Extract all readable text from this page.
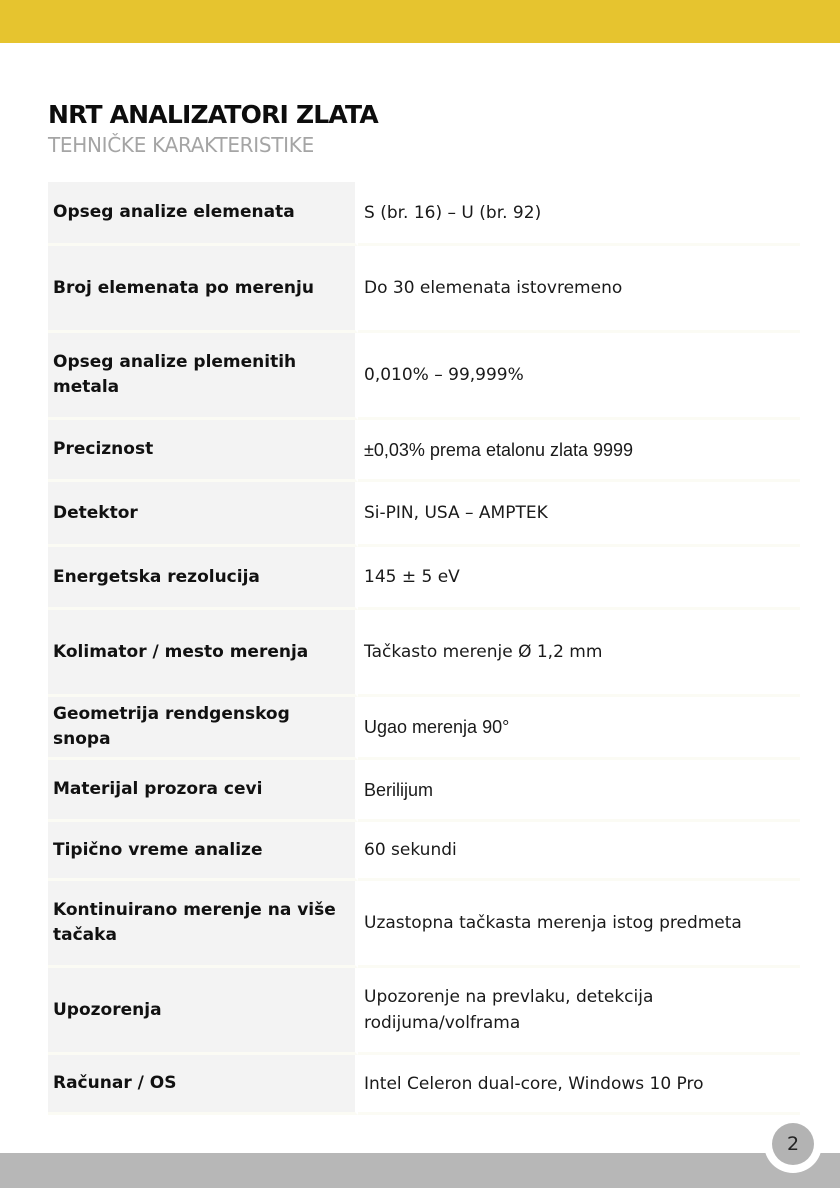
NRT ANALIZATORI ZLATA
TEHNIČKE KARAKTERISTIKE
Opseg analize elemenata	S (br. 16) – U (br. 92)
Broj elemenata po merenju	Do 30 elemenata istovremeno
Opseg analize plemenitih metala	0,010% – 99,999%
Preciznost	±0,03% prema etalonu zlata 9999
Detektor	Si-PIN, USA – AMPTEK
Energetska rezolucija	145 ± 5 eV
Kolimator / mesto merenja	Tačkasto merenje Ø 1,2 mm
Geometrija rendgenskog snopa	Ugao merenja 90°
Materijal prozora cevi	Berilijum
Tipično vreme analize	60 sekundi
Kontinuirano merenje na više tačaka	Uzastopna tačkasta merenja istog predmeta
Upozorenja	Upozorenje na prevlaku, detekcija rodijuma/volframa
Računar / OS	Intel Celeron dual-core, Windows 10 Pro
2
